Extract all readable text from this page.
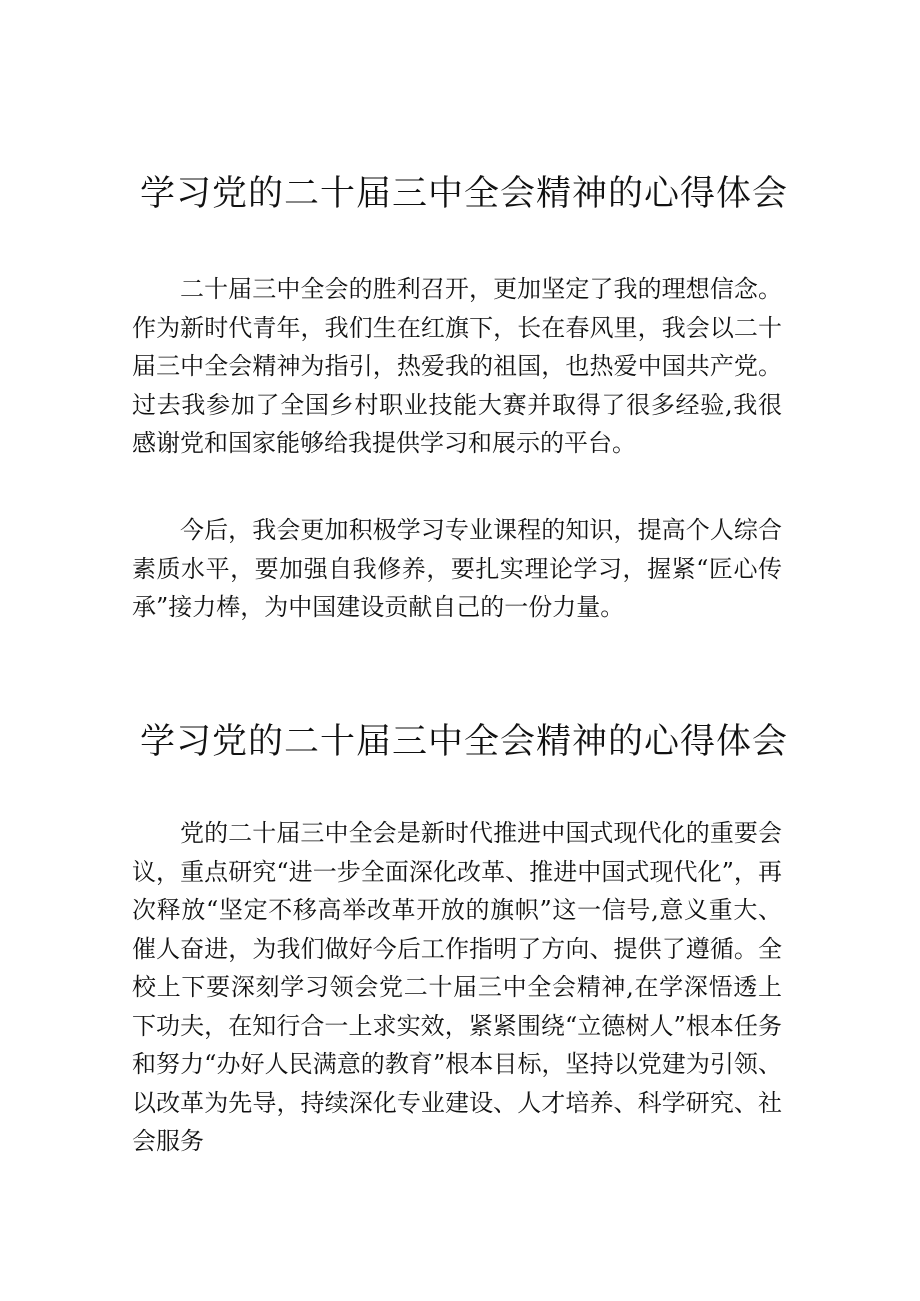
学习党的二十届三中全会精神的心得体会

二十届三中全会的胜利召开，更加坚定了我的理想信念。作为新时代青年，我们生在红旗下，长在春风里，我会以二十届三中全会精神为指引，热爱我的祖国，也热爱中国共产党。过去我参加了全国乡村职业技能大赛并取得了很多经验,我很感谢党和国家能够给我提供学习和展示的平台。

今后，我会更加积极学习专业课程的知识，提高个人综合素质水平，要加强自我修养，要扎实理论学习，握紧“匠心传承”接力棒，为中国建设贡献自己的一份力量。

学习党的二十届三中全会精神的心得体会

党的二十届三中全会是新时代推进中国式现代化的重要会议，重点研究“进一步全面深化改革、推进中国式现代化”，再次释放“坚定不移高举改革开放的旗帜”这一信号,意义重大、催人奋进，为我们做好今后工作指明了方向、提供了遵循。全校上下要深刻学习领会党二十届三中全会精神,在学深悟透上下功夫，在知行合一上求实效，紧紧围绕“立德树人”根本任务和努力“办好人民满意的教育”根本目标，坚持以党建为引领、以改革为先导，持续深化专业建设、人才培养、科学研究、社会服务
